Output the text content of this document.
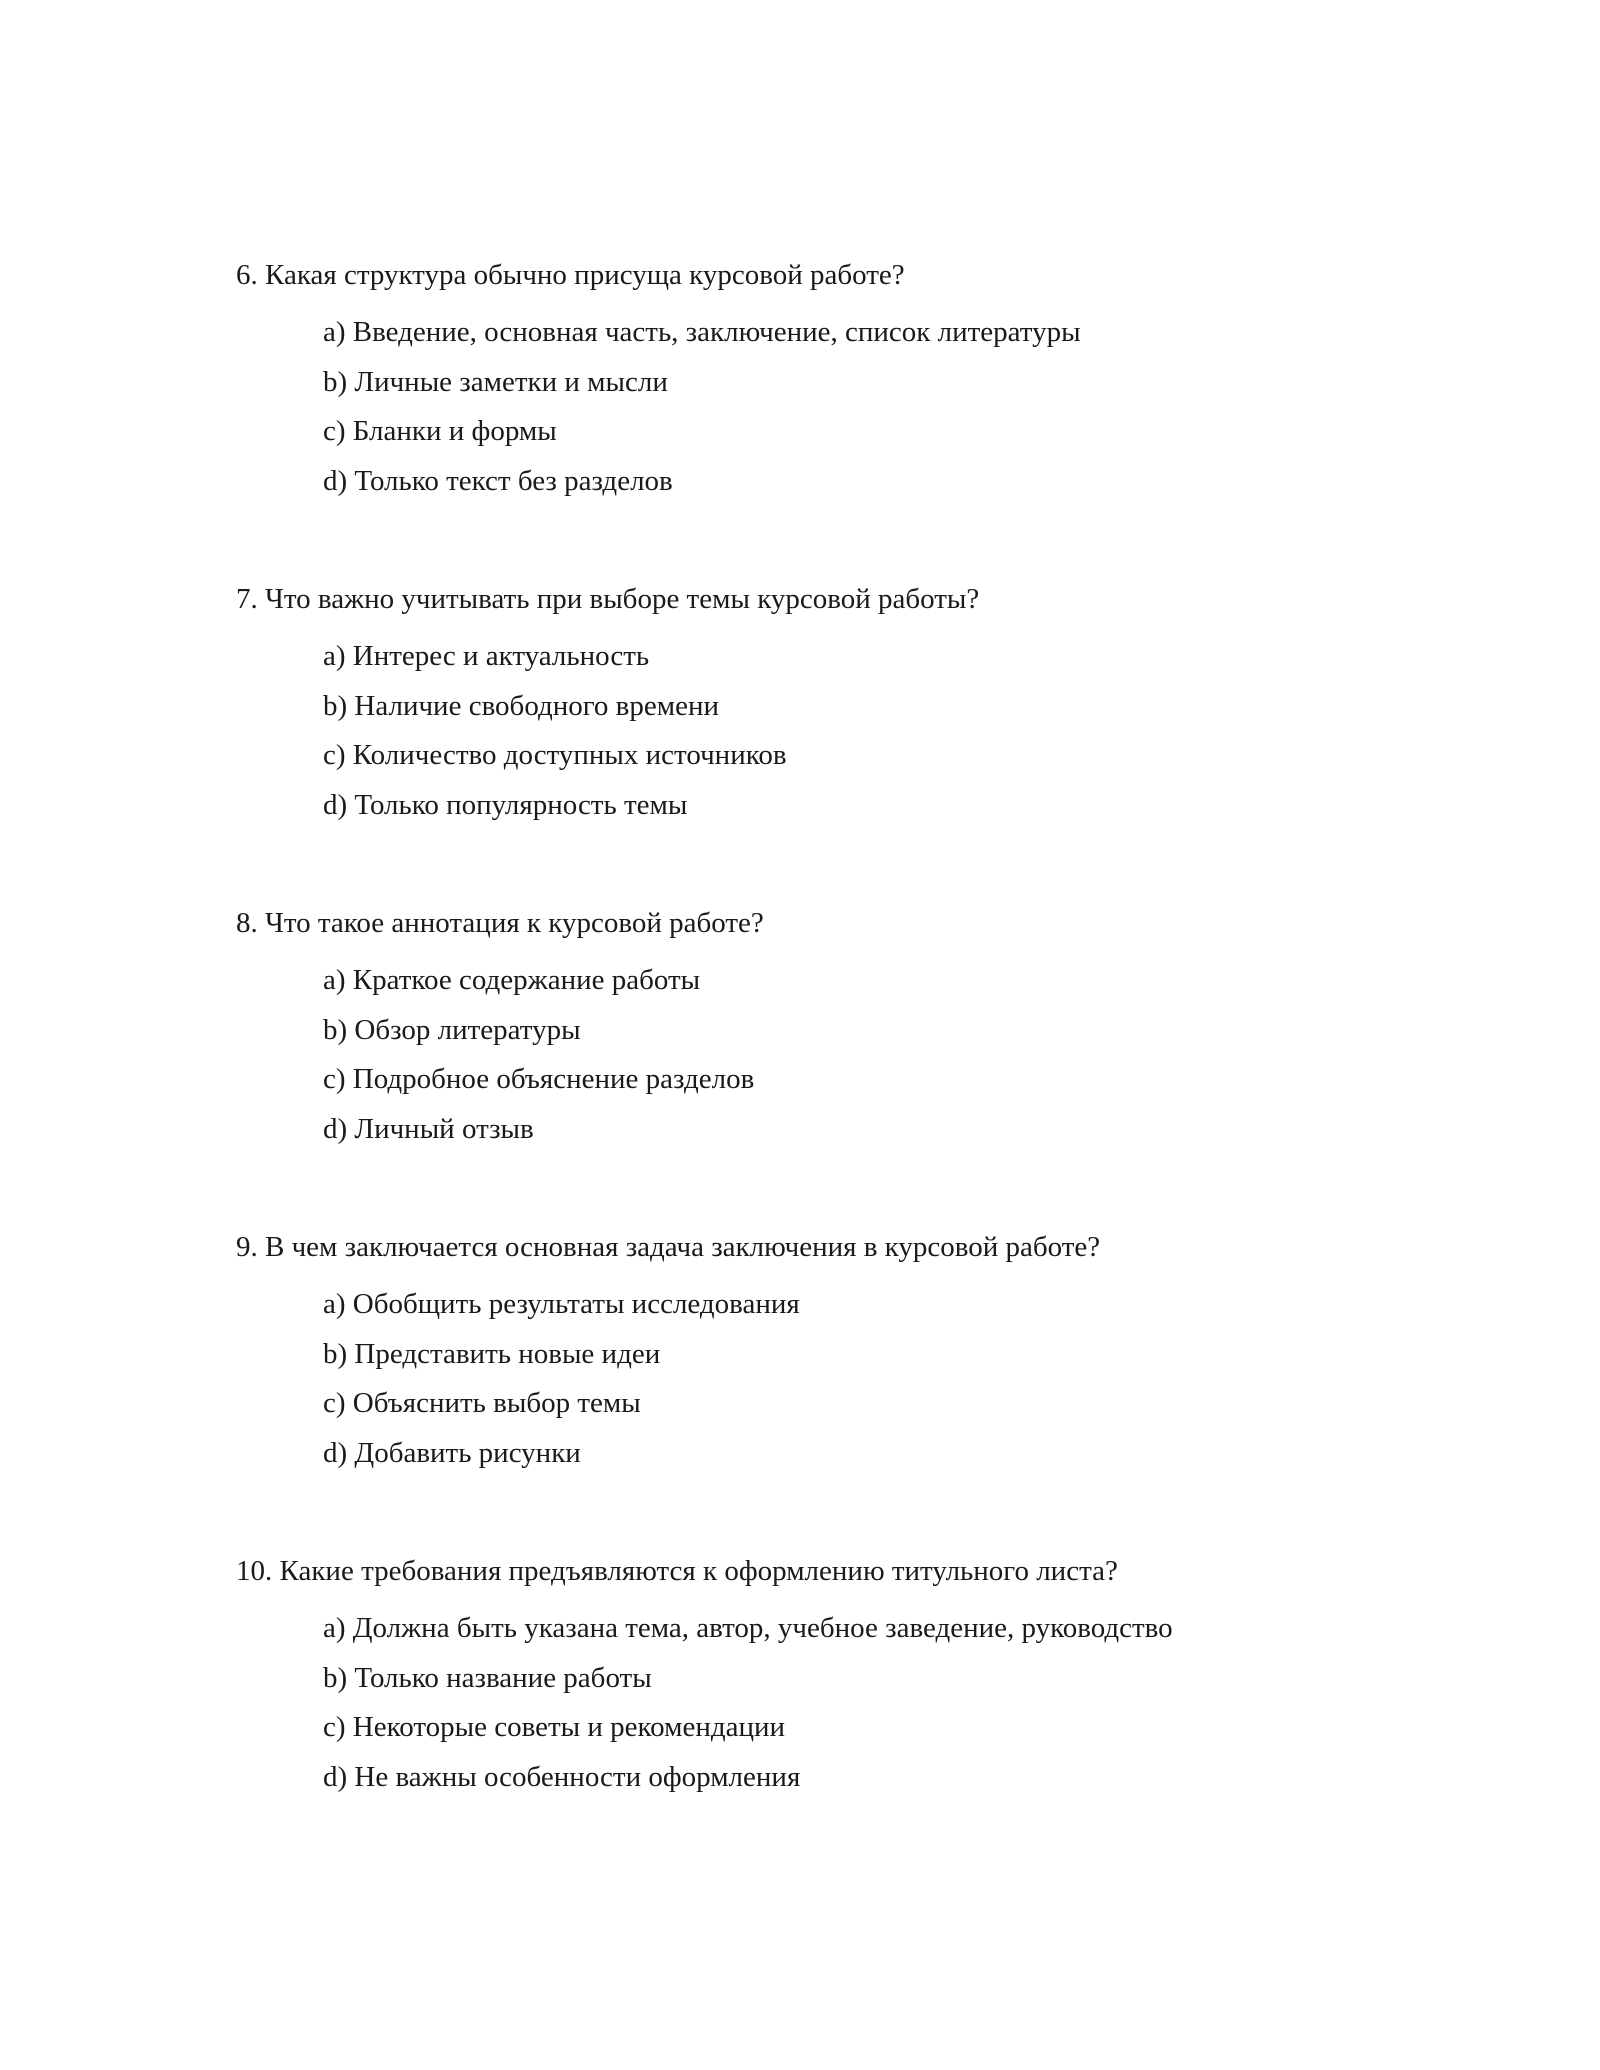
6. Какая структура обычно присуща курсовой работе?

a) Введение, основная часть, заключение, список литературы
b) Личные заметки и мысли
c) Бланки и формы
d) Только текст без разделов

7. Что важно учитывать при выборе темы курсовой работы?

a) Интерес и актуальность
b) Наличие свободного времени
c) Количество доступных источников
d) Только популярность темы

8. Что такое аннотация к курсовой работе?

a) Краткое содержание работы
b) Обзор литературы
c) Подробное объяснение разделов
d) Личный отзыв

9. В чем заключается основная задача заключения в курсовой работе?

a) Обобщить результаты исследования
b) Представить новые идеи
c) Объяснить выбор темы
d) Добавить рисунки

10. Какие требования предъявляются к оформлению титульного листа?

a) Должна быть указана тема, автор, учебное заведение, руководство
b) Только название работы
c) Некоторые советы и рекомендации
d) Не важны особенности оформления
